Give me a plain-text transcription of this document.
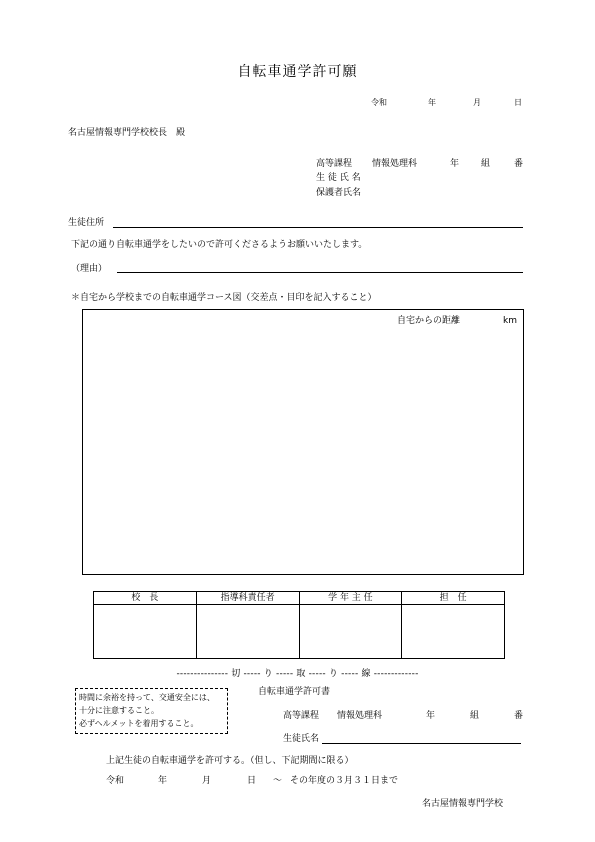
自転車通学許可願
令和	年	月	日
名古屋情報専門学校校長　殿
高等課程 情報処理科	年 組	番
生 徒 氏 名
保護者氏名
生徒住所
下記の通り自転車通学をしたいので許可くださるようお願いいたします。
（理由）
＊自宅から学校までの自転車通学コース図（交差点・目印を記入すること）
自宅からの距離	km
校　長	指導科責任者	学 年 主 任	担　任

--------------- 切 ----- り ----- 取 ----- り ----- 線 -------------
時間に余裕を持って、交通安全には、
十分に注意すること。
必ずヘルメットを着用すること。
自転車通学許可書
高等課程 情報処理科	年	組	番
生徒氏名
上記生徒の自転車通学を許可する。（但し、下記期間に限る）
令和	年	月	日 ～ その年度の３月３１日まで
名古屋情報専門学校
